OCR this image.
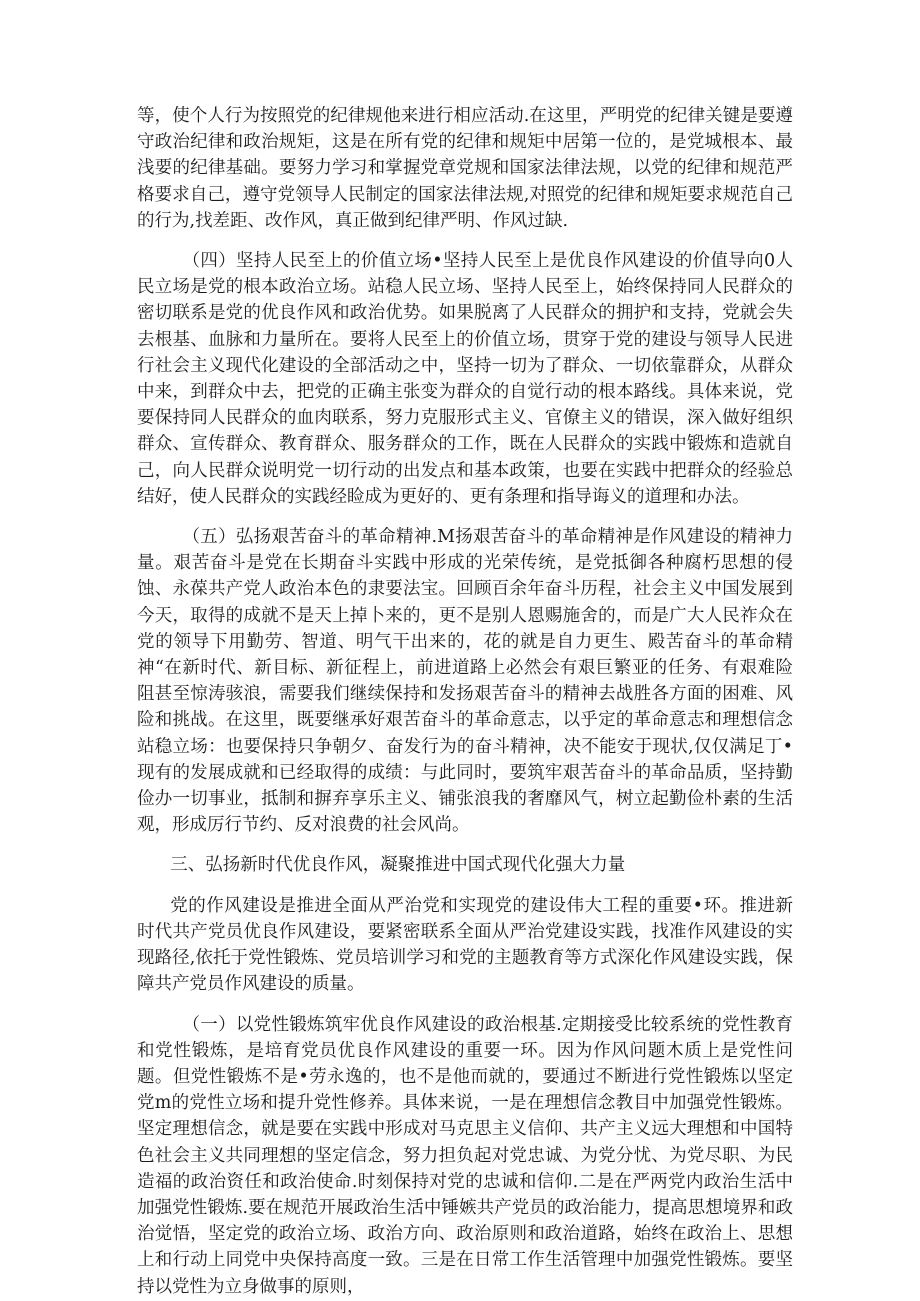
等，使个人行为按照党的纪律规他来进行相应活动.在这里，严明党的纪律关键是要遵守政治纪律和政治规矩，这是在所有党的纪律和规矩中居第一位的，是党城根本、最浅要的纪律基础。要努力学习和掌握党章党规和国家法律法规，以党的纪律和规范严格要求自己，遵守党领导人民制定的国家法律法规,对照党的纪律和规矩要求规范自己的行为,找差距、改作风，真正做到纪律严明、作风过缺.

（四）坚持人民至上的价值立场•坚持人民至上是优良作风建设的价值导向0人民立场是党的根本政治立场。站稳人民立场、坚持人民至上，始终保持同人民群众的密切联系是党的优良作风和政治优势。如果脱离了人民群众的拥护和支持，党就会失去根基、血脉和力量所在。要将人民至上的价值立场，贯穿于党的建设与领导人民进行社会主义现代化建设的全部活动之中，坚持一切为了群众、一切依靠群众，从群众中来，到群众中去，把党的正确主张变为群众的自觉行动的根本路线。具体来说，党要保持同人民群众的血肉联系，努力克服形式主义、官僚主义的错误，深入做好组织群众、宣传群众、教育群众、服务群众的工作，既在人民群众的实践中锻炼和造就自己，向人民群众说明党一切行动的出发点和基本政策，也要在实践中把群众的经验总结好，使人民群众的实践经睑成为更好的、更有条理和指导诲义的道理和办法。

（五）弘扬艰苦奋斗的革命精神.M扬艰苦奋斗的革命精神是作风建设的精神力量。艰苦奋斗是党在长期奋斗实践中形成的光荣传统，是党抵御各种腐朽思想的侵蚀、永葆共产党人政治本色的隶要法宝。回顾百余年奋斗历程，社会主义中国发展到今天，取得的成就不是天上掉卜来的，更不是别人恩赐施舍的，而是广大人民祚众在党的领导下用勤劳、智道、明气干出来的，花的就是自力更生、殿苦奋斗的革命精神“在新时代、新目标、新征程上，前进道路上必然会有艰巨繁亚的任务、有艰难险阻甚至惊涛骇浪，需要我们继续保持和发扬艰苦奋斗的精神去战胜各方面的困难、风险和挑战。在这里，既要继承好艰苦奋斗的革命意志，以乎定的革命意志和理想信念站稳立场：也要保持只争朝夕、奋发行为的奋斗精神，决不能安于现状,仅仅满足丁•现有的发展成就和已经取得的成绩：与此同时，要筑牢艰苦奋斗的革命品质，坚持勤俭办一切事业，抵制和摒弃享乐主义、铺张浪我的奢靡风气，树立起勤俭朴素的生活观，形成厉行节约、反对浪费的社会风尚。

三、弘扬新时代优良作风，凝聚推进中国式现代化强大力量

党的作风建设是推进全面从严治党和实现党的建设伟大工程的重要•环。推进新时代共产党员优良作风建设，要紧密联系全面从严治党建设实践，找准作风建设的实现路径,依托于党性锻炼、党员培训学习和党的主题教育等方式深化作风建设实践，保障共产党员作风建设的质量。

（一）以党性锻炼筑牢优良作风建设的政治根基.定期接受比较系统的党性教育和党性锻炼，是培育党员优良作风建设的重要一环。因为作风问题木质上是党性问题。但党性锻炼不是•劳永逸的，也不是他而就的，要通过不断进行党性锻炼以坚定党m的党性立场和提升党性修养。具体来说，一是在理想信念教目中加强党性锻炼。坚定理想信念，就是要在实践中形成对马克思主义信仰、共产主义远大理想和中国特色社会主义共同理想的坚定信念，努力担负起对党忠诚、为党分忧、为党尽职、为民造福的政治资任和政治使命.时刻保持对党的忠诚和信仰.二是在严两党内政治生活中加强党性锻炼.要在规范开展政治生活中锤嫉共产党员的政治能力，提高思想境界和政治觉悟，坚定党的政治立场、政治方向、政治原则和政治道路，始终在政治上、思想上和行动上同党中央保持高度一致。三是在日常工作生活管理中加强党性锻炼。要坚持以党性为立身做事的原则，
